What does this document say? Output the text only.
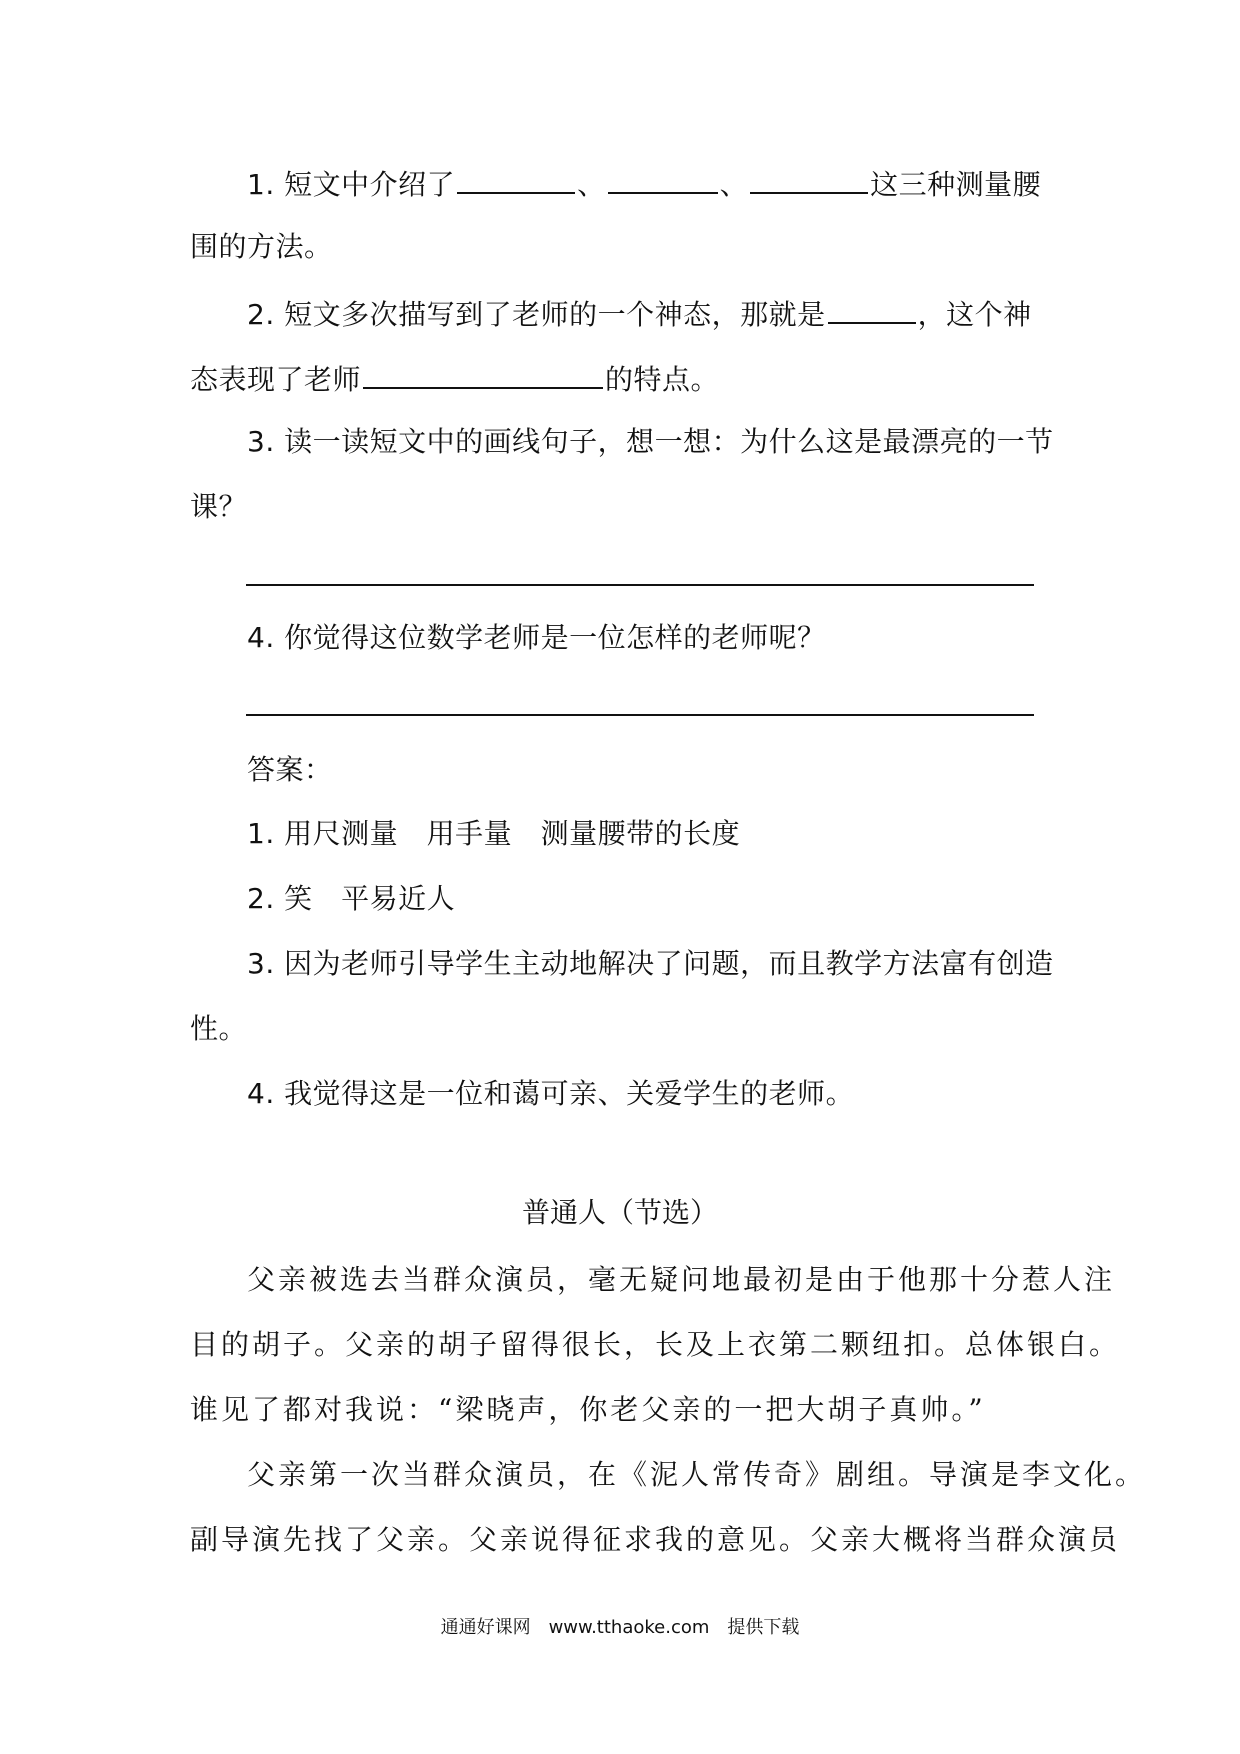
1. 短文中介绍了	、	、	这三种测量腰
围的方法。
2. 短文多次描写到了老师的一个神态，那就是	，这个神
态表现了老师	的特点。
3. 读一读短文中的画线句子，想一想：为什么这是最漂亮的一节
课？
4. 你觉得这位数学老师是一位怎样的老师呢？
答案：
1. 用尺测量　用手量　测量腰带的长度
2. 笑　平易近人
3. 因为老师引导学生主动地解决了问题，而且教学方法富有创造
性。
4. 我觉得这是一位和蔼可亲、关爱学生的老师。
普通人（节选）
父亲被选去当群众演员，毫无疑问地最初是由于他那十分惹人注
目的胡子。父亲的胡子留得很长，长及上衣第二颗纽扣。总体银白。
谁见了都对我说：“梁晓声，你老父亲的一把大胡子真帅。”
父亲第一次当群众演员，在《泥人常传奇》剧组。导演是李文化。
副导演先找了父亲。父亲说得征求我的意见。父亲大概将当群众演员
通通好课网　www.tthaoke.com　提供下载
